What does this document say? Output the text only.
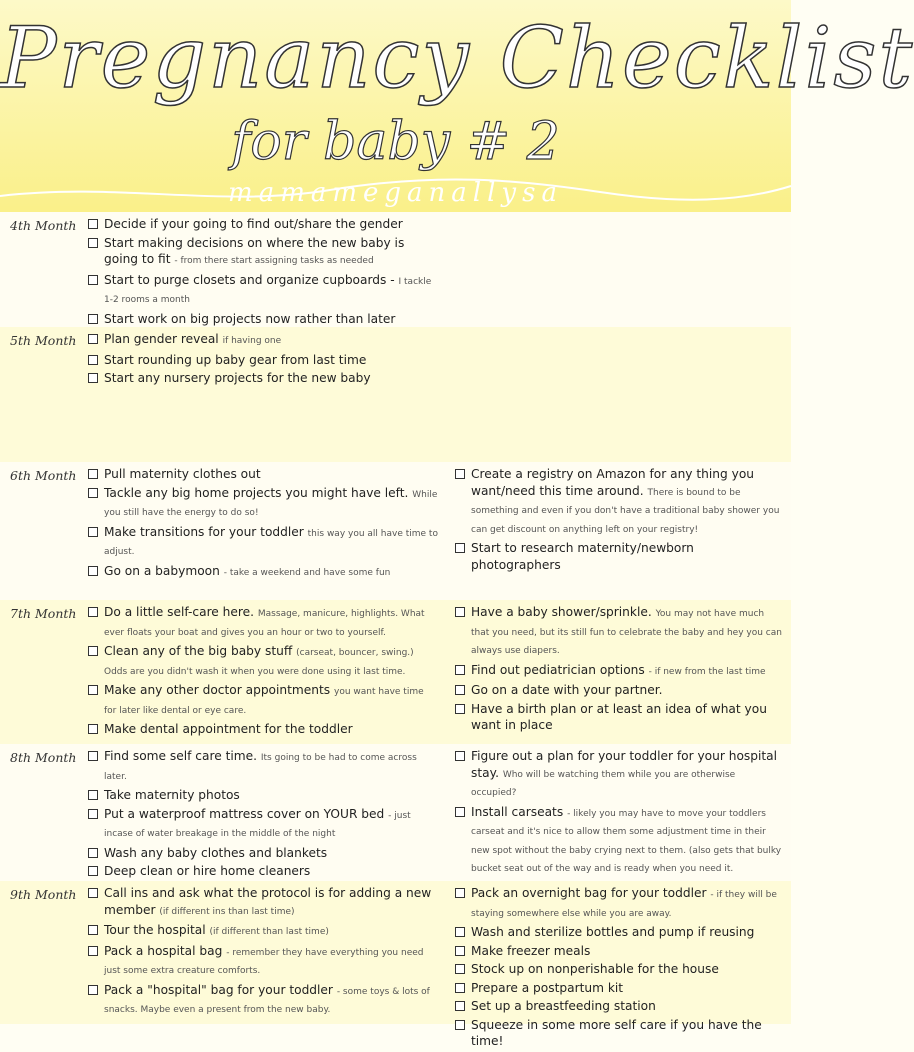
Pregnancy Checklist
for baby # 2
mamameganallysa
4th Month	Decide if your going to find out/share the gender
Start making decisions on where the new baby is going to fit - from there start assigning tasks as needed
Start to purge closets and organize cupboards - I tackle 1-2 rooms a month
Start work on big projects now rather than later
5th Month	Plan gender reveal if having one
Start rounding up baby gear from last time
Start any nursery projects for the new baby
6th Month	Pull maternity clothes out
Tackle any big home projects you might have left. While you still have the energy to do so!
Make transitions for your toddler this way you all have time to adjust.
Go on a babymoon - take a weekend and have some fun
Create a registry on Amazon for any thing you want/need this time around. There is bound to be something and even if you don't have a traditional baby shower you can get discount on anything left on your registry!
Start to research maternity/newborn photographers
7th Month	Do a little self-care here. Massage, manicure, highlights. What ever floats your boat and gives you an hour or two to yourself.
Clean any of the big baby stuff (carseat, bouncer, swing.) Odds are you didn't wash it when you were done using it last time.
Make any other doctor appointments you want have time for later like dental or eye care.
Make dental appointment for the toddler
Have a baby shower/sprinkle. You may not have much that you need, but its still fun to celebrate the baby and hey you can always use diapers.
Find out pediatrician options - if new from the last time
Go on a date with your partner.
Have a birth plan or at least an idea of what you want in place
8th Month	Find some self care time. Its going to be had to come across later.
Take maternity photos
Put a waterproof mattress cover on YOUR bed - just incase of water breakage in the middle of the night
Wash any baby clothes and blankets
Deep clean or hire home cleaners
Figure out a plan for your toddler for your hospital stay. Who will be watching them while you are otherwise occupied?
Install carseats - likely you may have to move your toddlers carseat and it's nice to allow them some adjustment time in their new spot without the baby crying next to them. (also gets that bulky bucket seat out of the way and is ready when you need it.
9th Month	Call ins and ask what the protocol is for adding a new member (if different ins than last time)
Tour the hospital (if different than last time)
Pack a hospital bag - remember they have everything you need just some extra creature comforts.
Pack a "hospital" bag for your toddler - some toys & lots of snacks. Maybe even a present from the new baby.
Pack an overnight bag for your toddler - if they will be staying somewhere else while you are away.
Wash and sterilize bottles and pump if reusing
Make freezer meals
Stock up on nonperishable for the house
Prepare a postpartum kit
Set up a breastfeeding station
Squeeze in some more self care if you have the time!
